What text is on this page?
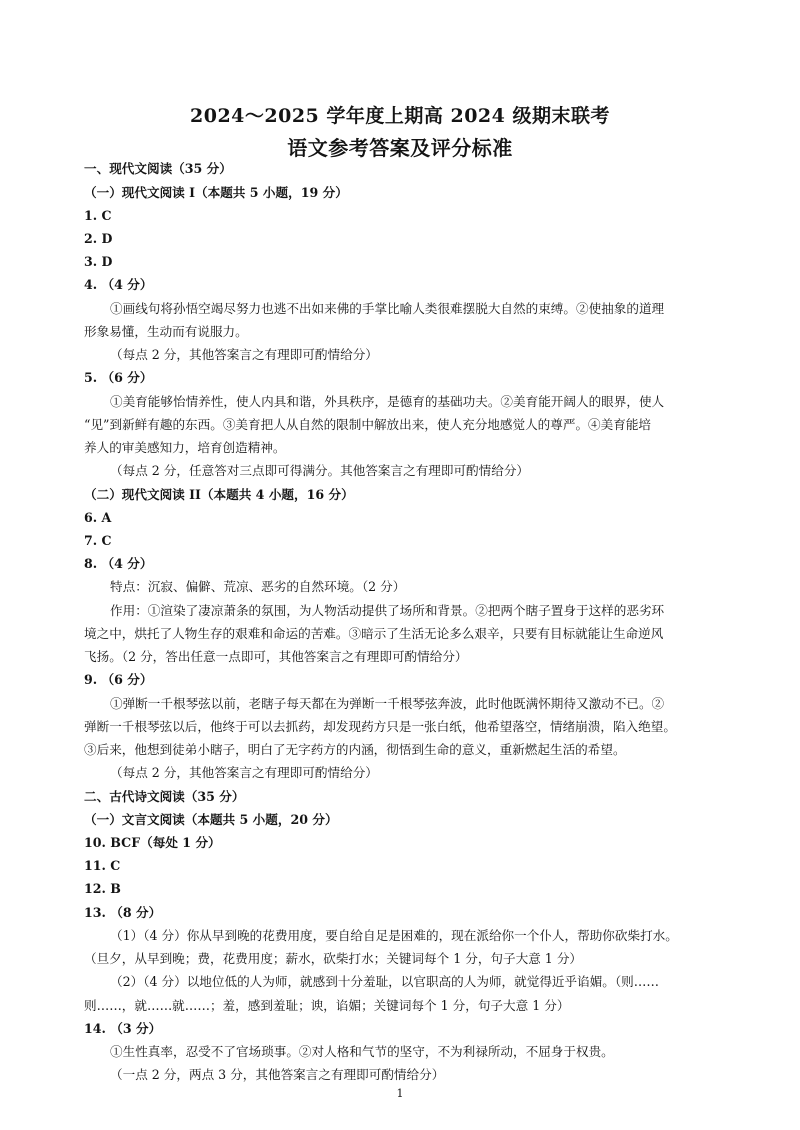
2024～2025 学年度上期高 2024 级期末联考
语文参考答案及评分标准
一、现代文阅读（35 分）
（一）现代文阅读 I（本题共 5 小题，19 分）
1. C
2. D
3. D
4. （4 分）
①画线句将孙悟空竭尽努力也逃不出如来佛的手掌比喻人类很难摆脱大自然的束缚。②使抽象的道理
形象易懂，生动而有说服力。
（每点 2 分，其他答案言之有理即可酌情给分）
5. （6 分）
①美育能够怡情养性，使人内具和谐，外具秩序，是德育的基础功夫。②美育能开阔人的眼界，使人
“见”到新鲜有趣的东西。③美育把人从自然的限制中解放出来，使人充分地感觉人的尊严。④美育能培
养人的审美感知力，培育创造精神。
（每点 2 分，任意答对三点即可得满分。其他答案言之有理即可酌情给分）
（二）现代文阅读 II（本题共 4 小题，16 分）
6. A
7. C
8. （4 分）
特点：沉寂、偏僻、荒凉、恶劣的自然环境。（2 分）
作用：①渲染了凄凉萧条的氛围，为人物活动提供了场所和背景。②把两个瞎子置身于这样的恶劣环
境之中，烘托了人物生存的艰难和命运的苦难。③暗示了生活无论多么艰辛，只要有目标就能让生命逆风
飞扬。（2 分，答出任意一点即可，其他答案言之有理即可酌情给分）
9. （6 分）
①弹断一千根琴弦以前，老瞎子每天都在为弹断一千根琴弦奔波，此时他既满怀期待又激动不已。②
弹断一千根琴弦以后，他终于可以去抓药，却发现药方只是一张白纸，他希望落空，情绪崩溃，陷入绝望。
③后来，他想到徒弟小瞎子，明白了无字药方的内涵，彻悟到生命的意义，重新燃起生活的希望。
（每点 2 分，其他答案言之有理即可酌情给分）
二、古代诗文阅读（35 分）
（一）文言文阅读（本题共 5 小题，20 分）
10. BCF（每处 1 分）
11. C
12. B
13. （8 分）
（1）（4 分）你从早到晚的花费用度，要自给自足是困难的，现在派给你一个仆人，帮助你砍柴打水。
（旦夕，从早到晚；费，花费用度；薪水，砍柴打水；关键词每个 1 分，句子大意 1 分）
（2）（4 分）以地位低的人为师，就感到十分羞耻，以官职高的人为师，就觉得近乎谄媚。（则……
则……，就……就……；羞，感到羞耻；谀，谄媚；关键词每个 1 分，句子大意 1 分）
14. （3 分）
①生性真率，忍受不了官场琐事。②对人格和气节的坚守，不为利禄所动，不屈身于权贵。
（一点 2 分，两点 3 分，其他答案言之有理即可酌情给分）
1
